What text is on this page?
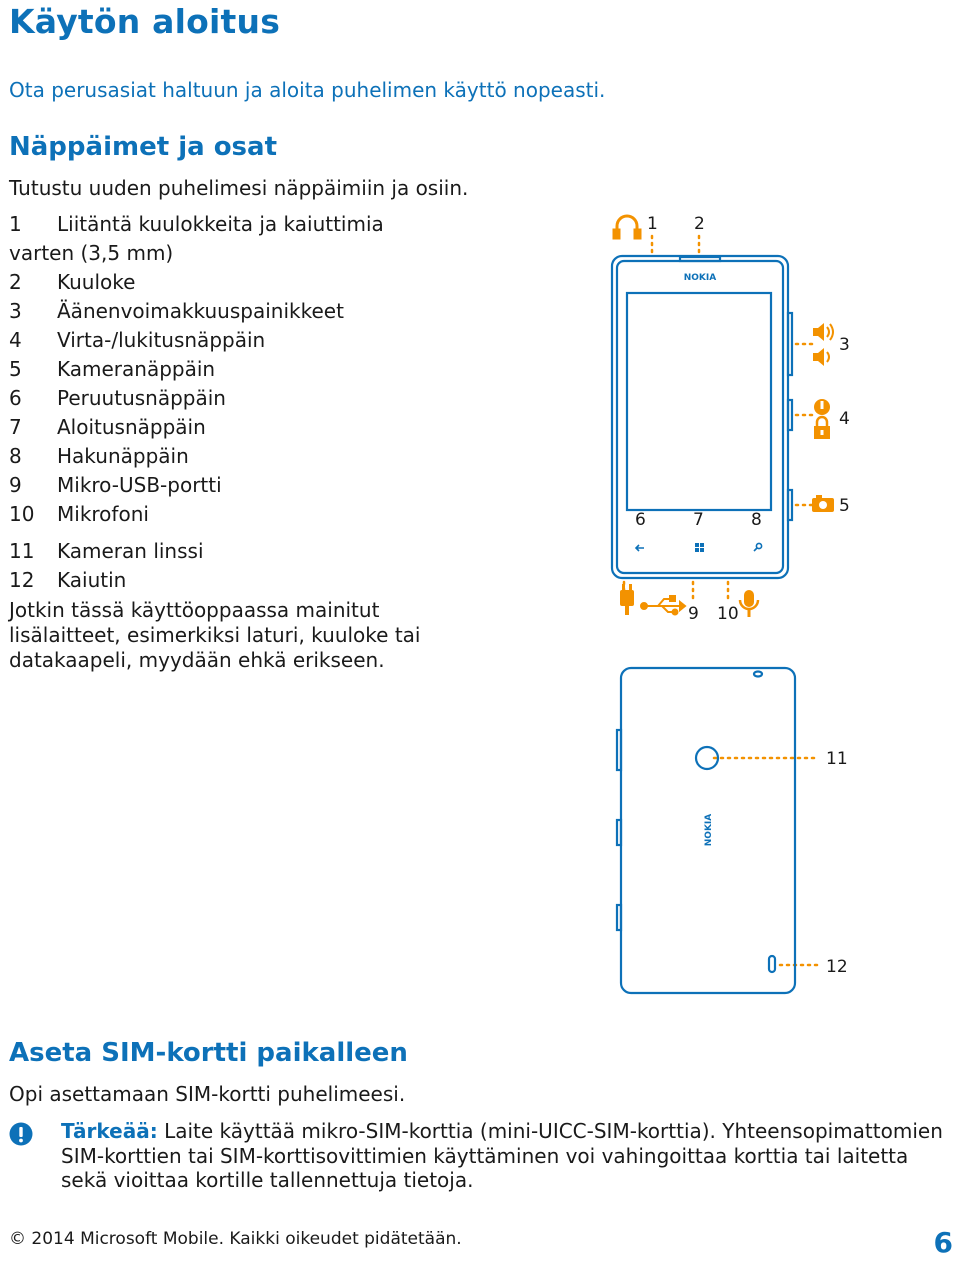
Käytön aloitus
Ota perusasiat haltuun ja aloita puhelimen käyttö nopeasti.
Näppäimet ja osat
Tutustu uuden puhelimesi näppäimiin ja osiin.
1 Liitäntä kuulokkeita ja kaiuttimia varten (3,5 mm)
2	Kuuloke
3	Äänenvoimakkuuspainikkeet
4	Virta-/lukitusnäppäin
5	Kameranäppäin
6	Peruutusnäppäin
7	Aloitusnäppäin
8	Hakunäppäin
9	Mikro-USB-portti
10	Mikrofoni
11	Kameran linssi
12	Kaiutin
Jotkin tässä käyttöoppaassa mainitut lisälaitteet, esimerkiksi laturi, kuuloke tai datakaapeli, myydään ehkä erikseen.
NOKIA
1 2
3
4
5
6	7	8
9 10
11
12
NOKIA
Aseta SIM-kortti paikalleen
Opi asettamaan SIM-kortti puhelimeesi.
Tärkeää: Laite käyttää mikro-SIM-korttia (mini-UICC-SIM-korttia). Yhteensopimattomien SIM-korttien tai SIM-korttisovittimien käyttäminen voi vahingoittaa korttia tai laitetta sekä vioittaa kortille tallennettuja tietoja.
© 2014 Microsoft Mobile. Kaikki oikeudet pidätetään.	6
